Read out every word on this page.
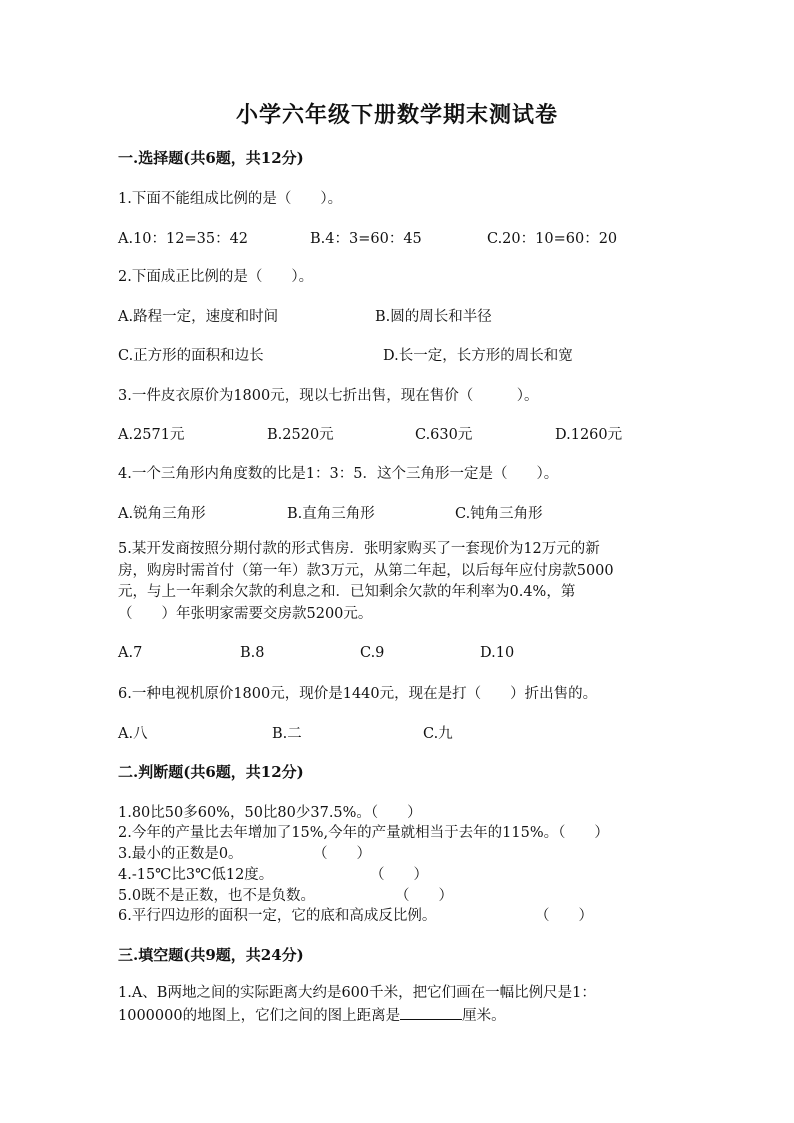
小学六年级下册数学期末测试卷
一.选择题(共6题，共12分)
1.下面不能组成比例的是（　　）。
A.10：12=35：42	B.4：3=60：45	C.20：10=60：20
2.下面成正比例的是（　　）。
A.路程一定，速度和时间	B.圆的周长和半径
C.正方形的面积和边长	D.长一定，长方形的周长和宽
3.一件皮衣原价为1800元，现以七折出售，现在售价（　　　）。
A.2571元	B.2520元	C.630元	D.1260元
4.一个三角形内角度数的比是1：3：5．这个三角形一定是（　　）。
A.锐角三角形	B.直角三角形	C.钝角三角形
5.某开发商按照分期付款的形式售房．张明家购买了一套现价为12万元的新
房，购房时需首付（第一年）款3万元，从第二年起，以后每年应付房款5000
元，与上一年剩余欠款的利息之和．已知剩余欠款的年利率为0.4%，第
（　　）年张明家需要交房款5200元。
A.7	B.8	C.9	D.10
6.一种电视机原价1800元，现价是1440元，现在是打（　　）折出售的。
A.八	B.二	C.九
二.判断题(共6题，共12分)
1.80比50多60%，50比80少37.5%。（　　）
2.今年的产量比去年增加了15%,今年的产量就相当于去年的115%。（　　）
3.最小的正数是0。	（　　）
4.-15℃比3℃低12度。	（　　）
5.0既不是正数，也不是负数。	（　　）
6.平行四边形的面积一定，它的底和高成反比例。	（　　）
三.填空题(共9题，共24分)
1.A、B两地之间的实际距离大约是600千米，把它们画在一幅比例尺是1：
1000000的地图上，它们之间的图上距离是	厘米。
